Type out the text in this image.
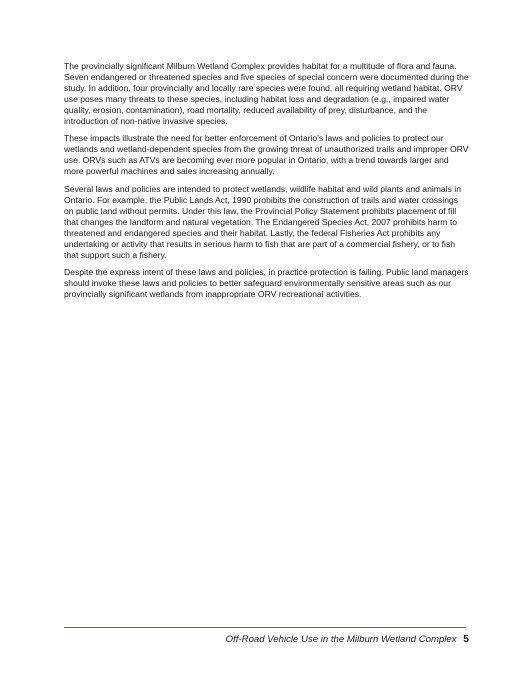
The provincially significant Milburn Wetland Complex provides habitat for a multitude of flora and fauna. Seven endangered or threatened species and five species of special concern were documented during the study. In addition, four provincially and locally rare species were found, all requiring wetland habitat. ORV use poses many threats to these species, including habitat loss and degradation (e.g., impaired water quality, erosion, contamination), road mortality, reduced availability of prey, disturbance, and the introduction of non-native invasive species.

These impacts illustrate the need for better enforcement of Ontario’s laws and policies to protect our wetlands and wetland-dependent species from the growing threat of unauthorized trails and improper ORV use. ORVs such as ATVs are becoming ever more popular in Ontario, with a trend towards larger and more powerful machines and sales increasing annually.

Several laws and policies are intended to protect wetlands, wildlife habitat and wild plants and animals in Ontario. For example, the Public Lands Act, 1990 prohibits the construction of trails and water crossings on public land without permits. Under this law, the Provincial Policy Statement prohibits placement of fill that changes the landform and natural vegetation. The Endangered Species Act, 2007 prohibits harm to threatened and endangered species and their habitat. Lastly, the federal Fisheries Act prohibits any undertaking or activity that results in serious harm to fish that are part of a commercial fishery, or to fish that support such a fishery.

Despite the express intent of these laws and policies, in practice protection is failing. Public land managers should invoke these laws and policies to better safeguard environmentally sensitive areas such as our provincially significant wetlands from inappropriate ORV recreational activities.

Off-Road Vehicle Use in the Milburn Wetland Complex 5
